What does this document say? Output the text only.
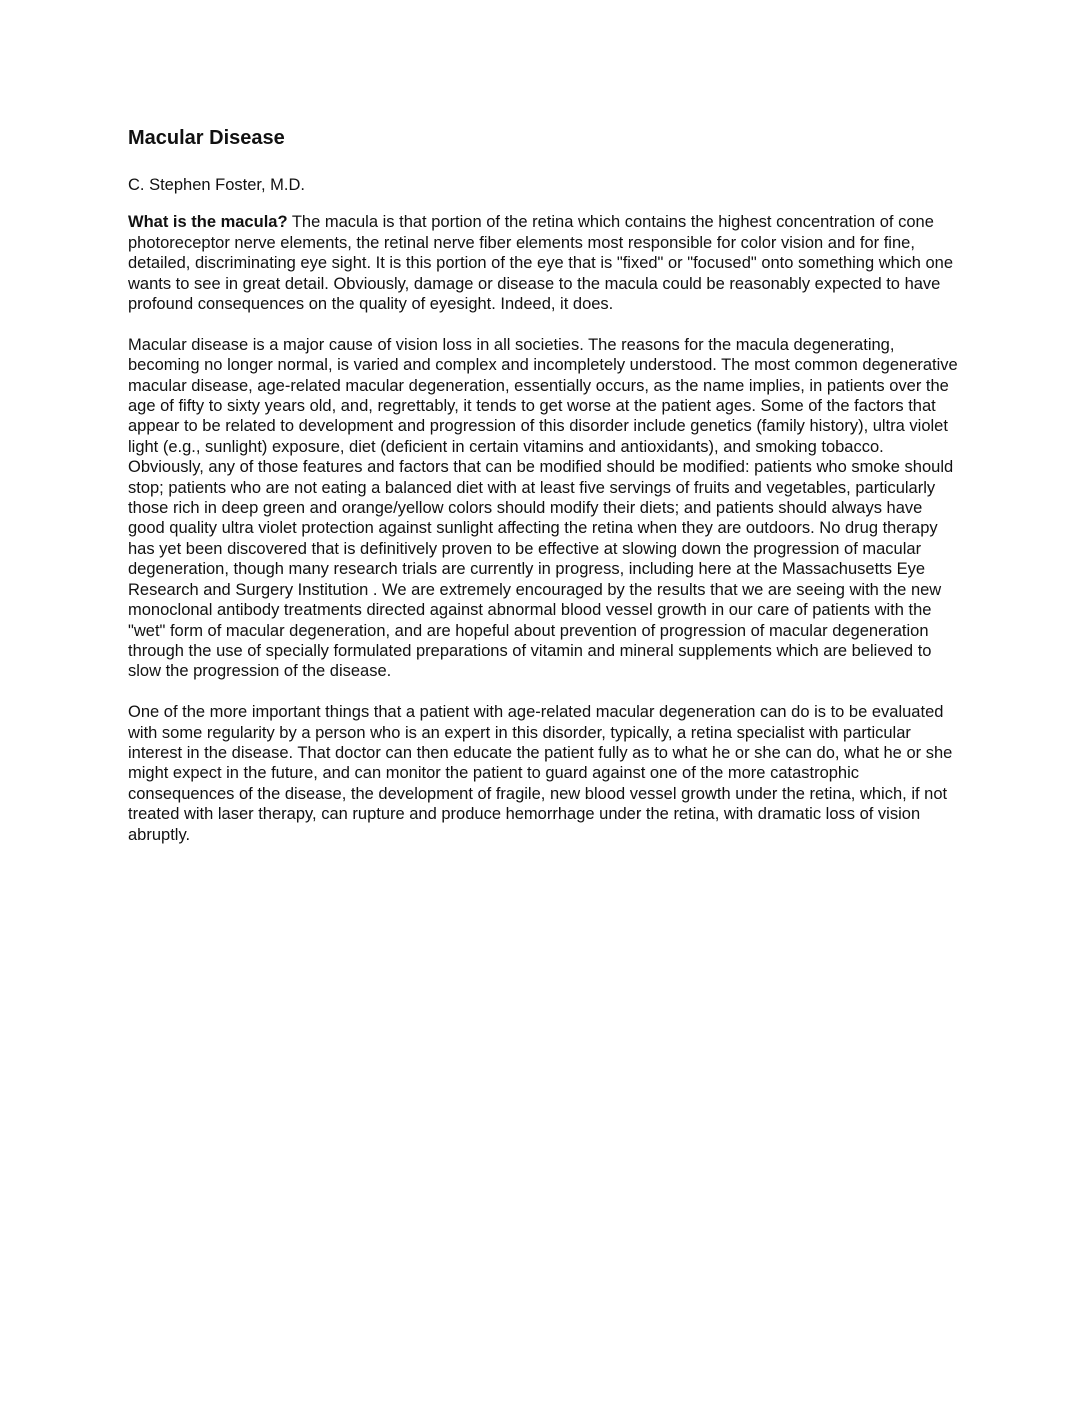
Macular Disease

C. Stephen Foster, M.D.

What is the macula? The macula is that portion of the retina which contains the highest concentration of cone photoreceptor nerve elements, the retinal nerve fiber elements most responsible for color vision and for fine, detailed, discriminating eye sight. It is this portion of the eye that is "fixed" or "focused" onto something which one wants to see in great detail. Obviously, damage or disease to the macula could be reasonably expected to have profound consequences on the quality of eyesight. Indeed, it does.

Macular disease is a major cause of vision loss in all societies. The reasons for the macula degenerating, becoming no longer normal, is varied and complex and incompletely understood. The most common degenerative macular disease, age-related macular degeneration, essentially occurs, as the name implies, in patients over the age of fifty to sixty years old, and, regrettably, it tends to get worse at the patient ages. Some of the factors that appear to be related to development and progression of this disorder include genetics (family history), ultra violet light (e.g., sunlight) exposure, diet (deficient in certain vitamins and antioxidants), and smoking tobacco. Obviously, any of those features and factors that can be modified should be modified: patients who smoke should stop; patients who are not eating a balanced diet with at least five servings of fruits and vegetables, particularly those rich in deep green and orange/yellow colors should modify their diets; and patients should always have good quality ultra violet protection against sunlight affecting the retina when they are outdoors. No drug therapy has yet been discovered that is definitively proven to be effective at slowing down the progression of macular degeneration, though many research trials are currently in progress, including here at the Massachusetts Eye Research and Surgery Institution . We are extremely encouraged by the results that we are seeing with the new monoclonal antibody treatments directed against abnormal blood vessel growth in our care of patients with the "wet" form of macular degeneration, and are hopeful about prevention of progression of macular degeneration through the use of specially formulated preparations of vitamin and mineral supplements which are believed to slow the progression of the disease.

One of the more important things that a patient with age-related macular degeneration can do is to be evaluated with some regularity by a person who is an expert in this disorder, typically, a retina specialist with particular interest in the disease. That doctor can then educate the patient fully as to what he or she can do, what he or she might expect in the future, and can monitor the patient to guard against one of the more catastrophic consequences of the disease, the development of fragile, new blood vessel growth under the retina, which, if not treated with laser therapy, can rupture and produce hemorrhage under the retina, with dramatic loss of vision abruptly.
